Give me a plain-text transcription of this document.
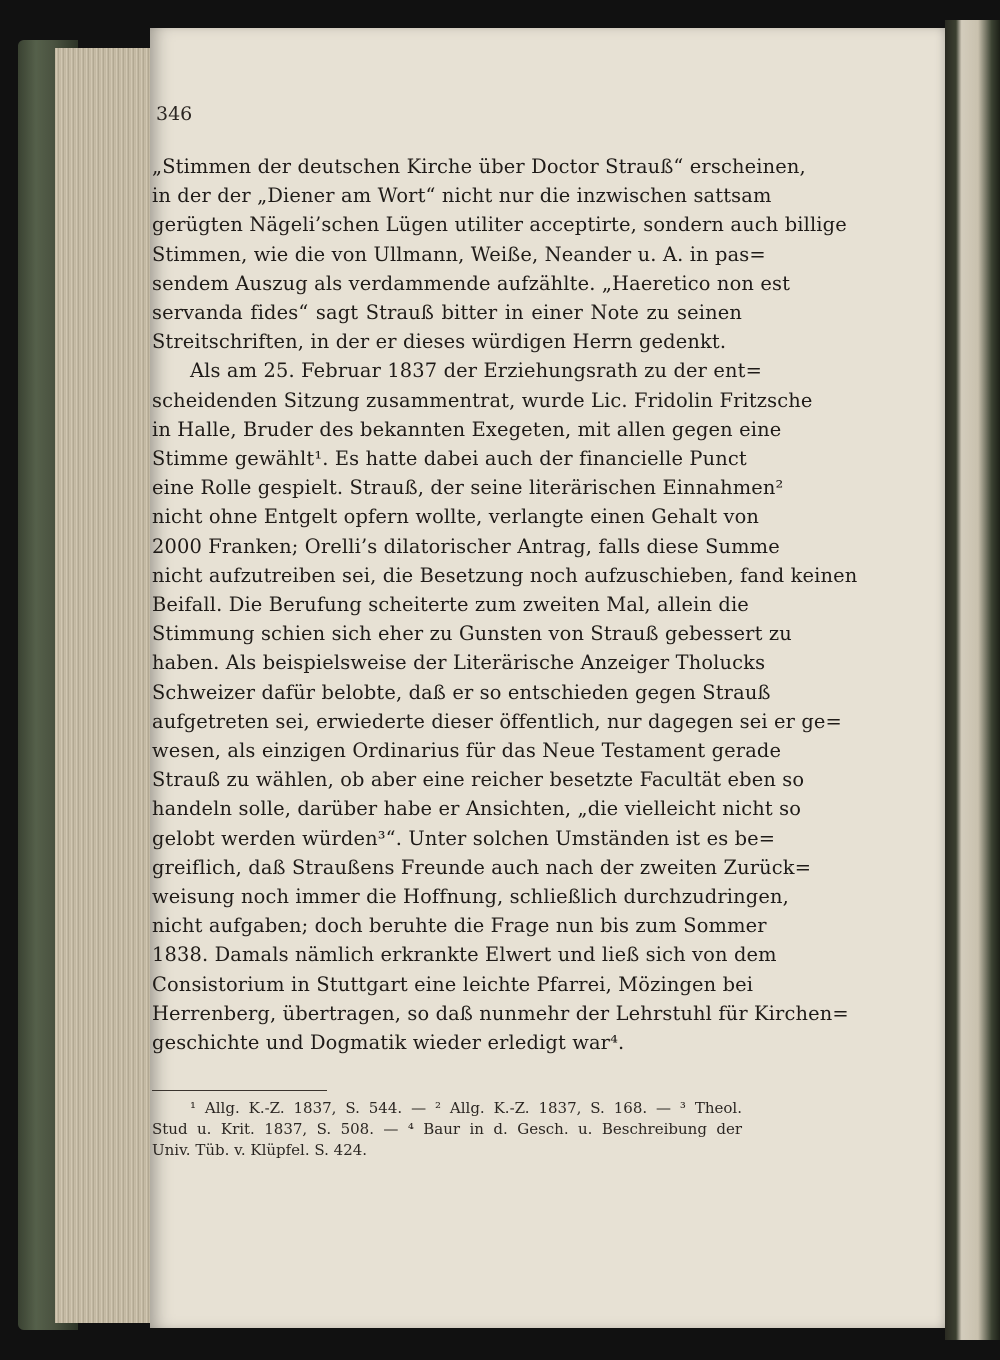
346
„Stimmen der deutschen Kirche über Doctor Strauß“ erscheinen,
in der der „Diener am Wort“ nicht nur die inzwischen sattsam
gerügten Nägeli’schen Lügen utiliter acceptirte, sondern auch billige
Stimmen, wie die von Ullmann, Weiße, Neander u. A. in pas=
sendem Auszug als verdammende aufzählte. „Haeretico non est
servanda fides“ sagt Strauß bitter in einer Note zu seinen
Streitschriften, in der er dieses würdigen Herrn gedenkt.
Als am 25. Februar 1837 der Erziehungsrath zu der ent=
scheidenden Sitzung zusammentrat, wurde Lic. Fridolin Fritzsche
in Halle, Bruder des bekannten Exegeten, mit allen gegen eine
Stimme gewählt¹. Es hatte dabei auch der financielle Punct
eine Rolle gespielt. Strauß, der seine literärischen Einnahmen²
nicht ohne Entgelt opfern wollte, verlangte einen Gehalt von
2000 Franken; Orelli’s dilatorischer Antrag, falls diese Summe
nicht aufzutreiben sei, die Besetzung noch aufzuschieben, fand keinen
Beifall. Die Berufung scheiterte zum zweiten Mal, allein die
Stimmung schien sich eher zu Gunsten von Strauß gebessert zu
haben. Als beispielsweise der Literärische Anzeiger Tholucks
Schweizer dafür belobte, daß er so entschieden gegen Strauß
aufgetreten sei, erwiederte dieser öffentlich, nur dagegen sei er ge=
wesen, als einzigen Ordinarius für das Neue Testament gerade
Strauß zu wählen, ob aber eine reicher besetzte Facultät eben so
handeln solle, darüber habe er Ansichten, „die vielleicht nicht so
gelobt werden würden³“. Unter solchen Umständen ist es be=
greiflich, daß Straußens Freunde auch nach der zweiten Zurück=
weisung noch immer die Hoffnung, schließlich durchzudringen,
nicht aufgaben; doch beruhte die Frage nun bis zum Sommer
1838. Damals nämlich erkrankte Elwert und ließ sich von dem
Consistorium in Stuttgart eine leichte Pfarrei, Mözingen bei
Herrenberg, übertragen, so daß nunmehr der Lehrstuhl für Kirchen=
geschichte und Dogmatik wieder erledigt war⁴.
¹ Allg. K.-Z. 1837, S. 544. — ² Allg. K.-Z. 1837, S. 168. — ³ Theol.
Stud u. Krit. 1837, S. 508. — ⁴ Baur in d. Gesch. u. Beschreibung der
Univ. Tüb. v. Klüpfel. S. 424.
